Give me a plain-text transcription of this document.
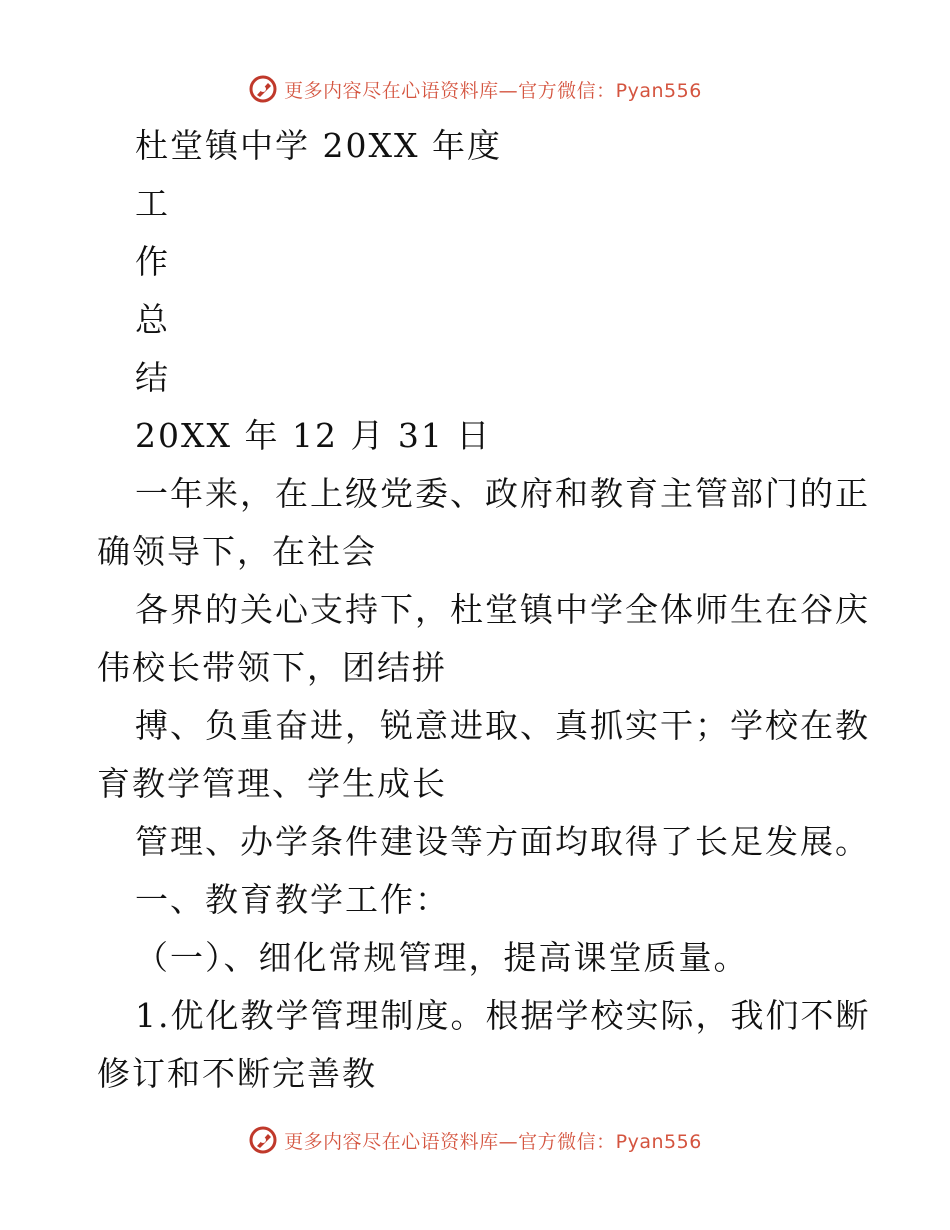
更多内容尽在心语资料库—官方微信：Pyan556
杜堂镇中学 20XX 年度
工
作
总
结
20XX 年 12 月 31 日
一年来，在上级党委、政府和教育主管部门的正
确领导下，在社会
各界的关心支持下，杜堂镇中学全体师生在谷庆
伟校长带领下，团结拼
搏、负重奋进，锐意进取、真抓实干；学校在教
育教学管理、学生成长
管理、办学条件建设等方面均取得了长足发展。
一、教育教学工作：
（一）、细化常规管理，提高课堂质量。
1.优化教学管理制度。根据学校实际，我们不断
修订和不断完善教
更多内容尽在心语资料库—官方微信：Pyan556
